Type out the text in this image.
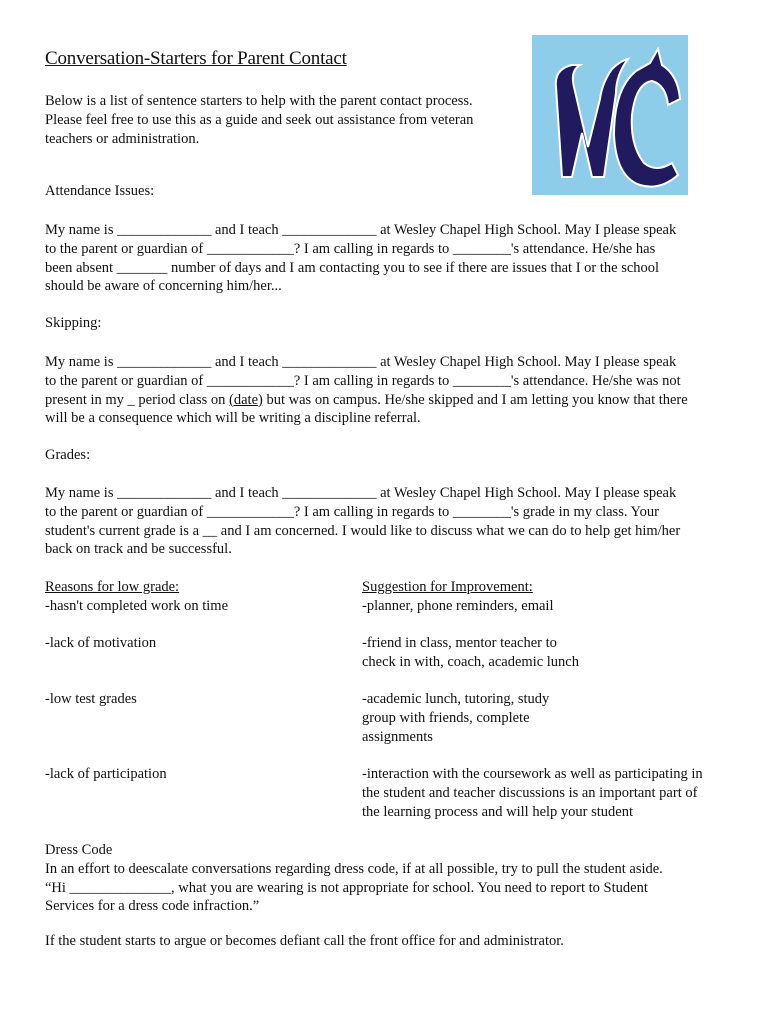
Conversation-Starters for Parent Contact
Below is a list of sentence starters to help with the parent contact process.
Please feel free to use this as a guide and seek out assistance from veteran
teachers or administration.
Attendance Issues:
My name is _____________ and I teach _____________ at Wesley Chapel High School. May I please speak
to the parent or guardian of ____________? I am calling in regards to ________'s attendance. He/she has
been absent _______ number of days and I am contacting you to see if there are issues that I or the school
should be aware of concerning him/her...
Skipping:
My name is _____________ and I teach _____________ at Wesley Chapel High School. May I please speak
to the parent or guardian of ____________? I am calling in regards to ________'s attendance. He/she was not
present in my _ period class on (date) but was on campus. He/she skipped and I am letting you know that there
will be a consequence which will be writing a discipline referral.
Grades:
My name is _____________ and I teach _____________ at Wesley Chapel High School. May I please speak
to the parent or guardian of ____________? I am calling in regards to ________'s grade in my class. Your
student's current grade is a __ and I am concerned. I would like to discuss what we can do to help get him/her
back on track and be successful.
Reasons for low grade:	Suggestion for Improvement:
-hasn't completed work on time	-planner, phone reminders, email
-lack of motivation	-friend in class, mentor teacher to
check in with, coach, academic lunch
-low test grades	-academic lunch, tutoring, study
group with friends, complete
assignments
-lack of participation	-interaction with the coursework as well as participating in
the student and teacher discussions is an important part of
the learning process and will help your student
Dress Code
In an effort to deescalate conversations regarding dress code, if at all possible, try to pull the student aside.
“Hi ______________, what you are wearing is not appropriate for school. You need to report to Student
Services for a dress code infraction.”
If the student starts to argue or becomes defiant call the front office for and administrator.
